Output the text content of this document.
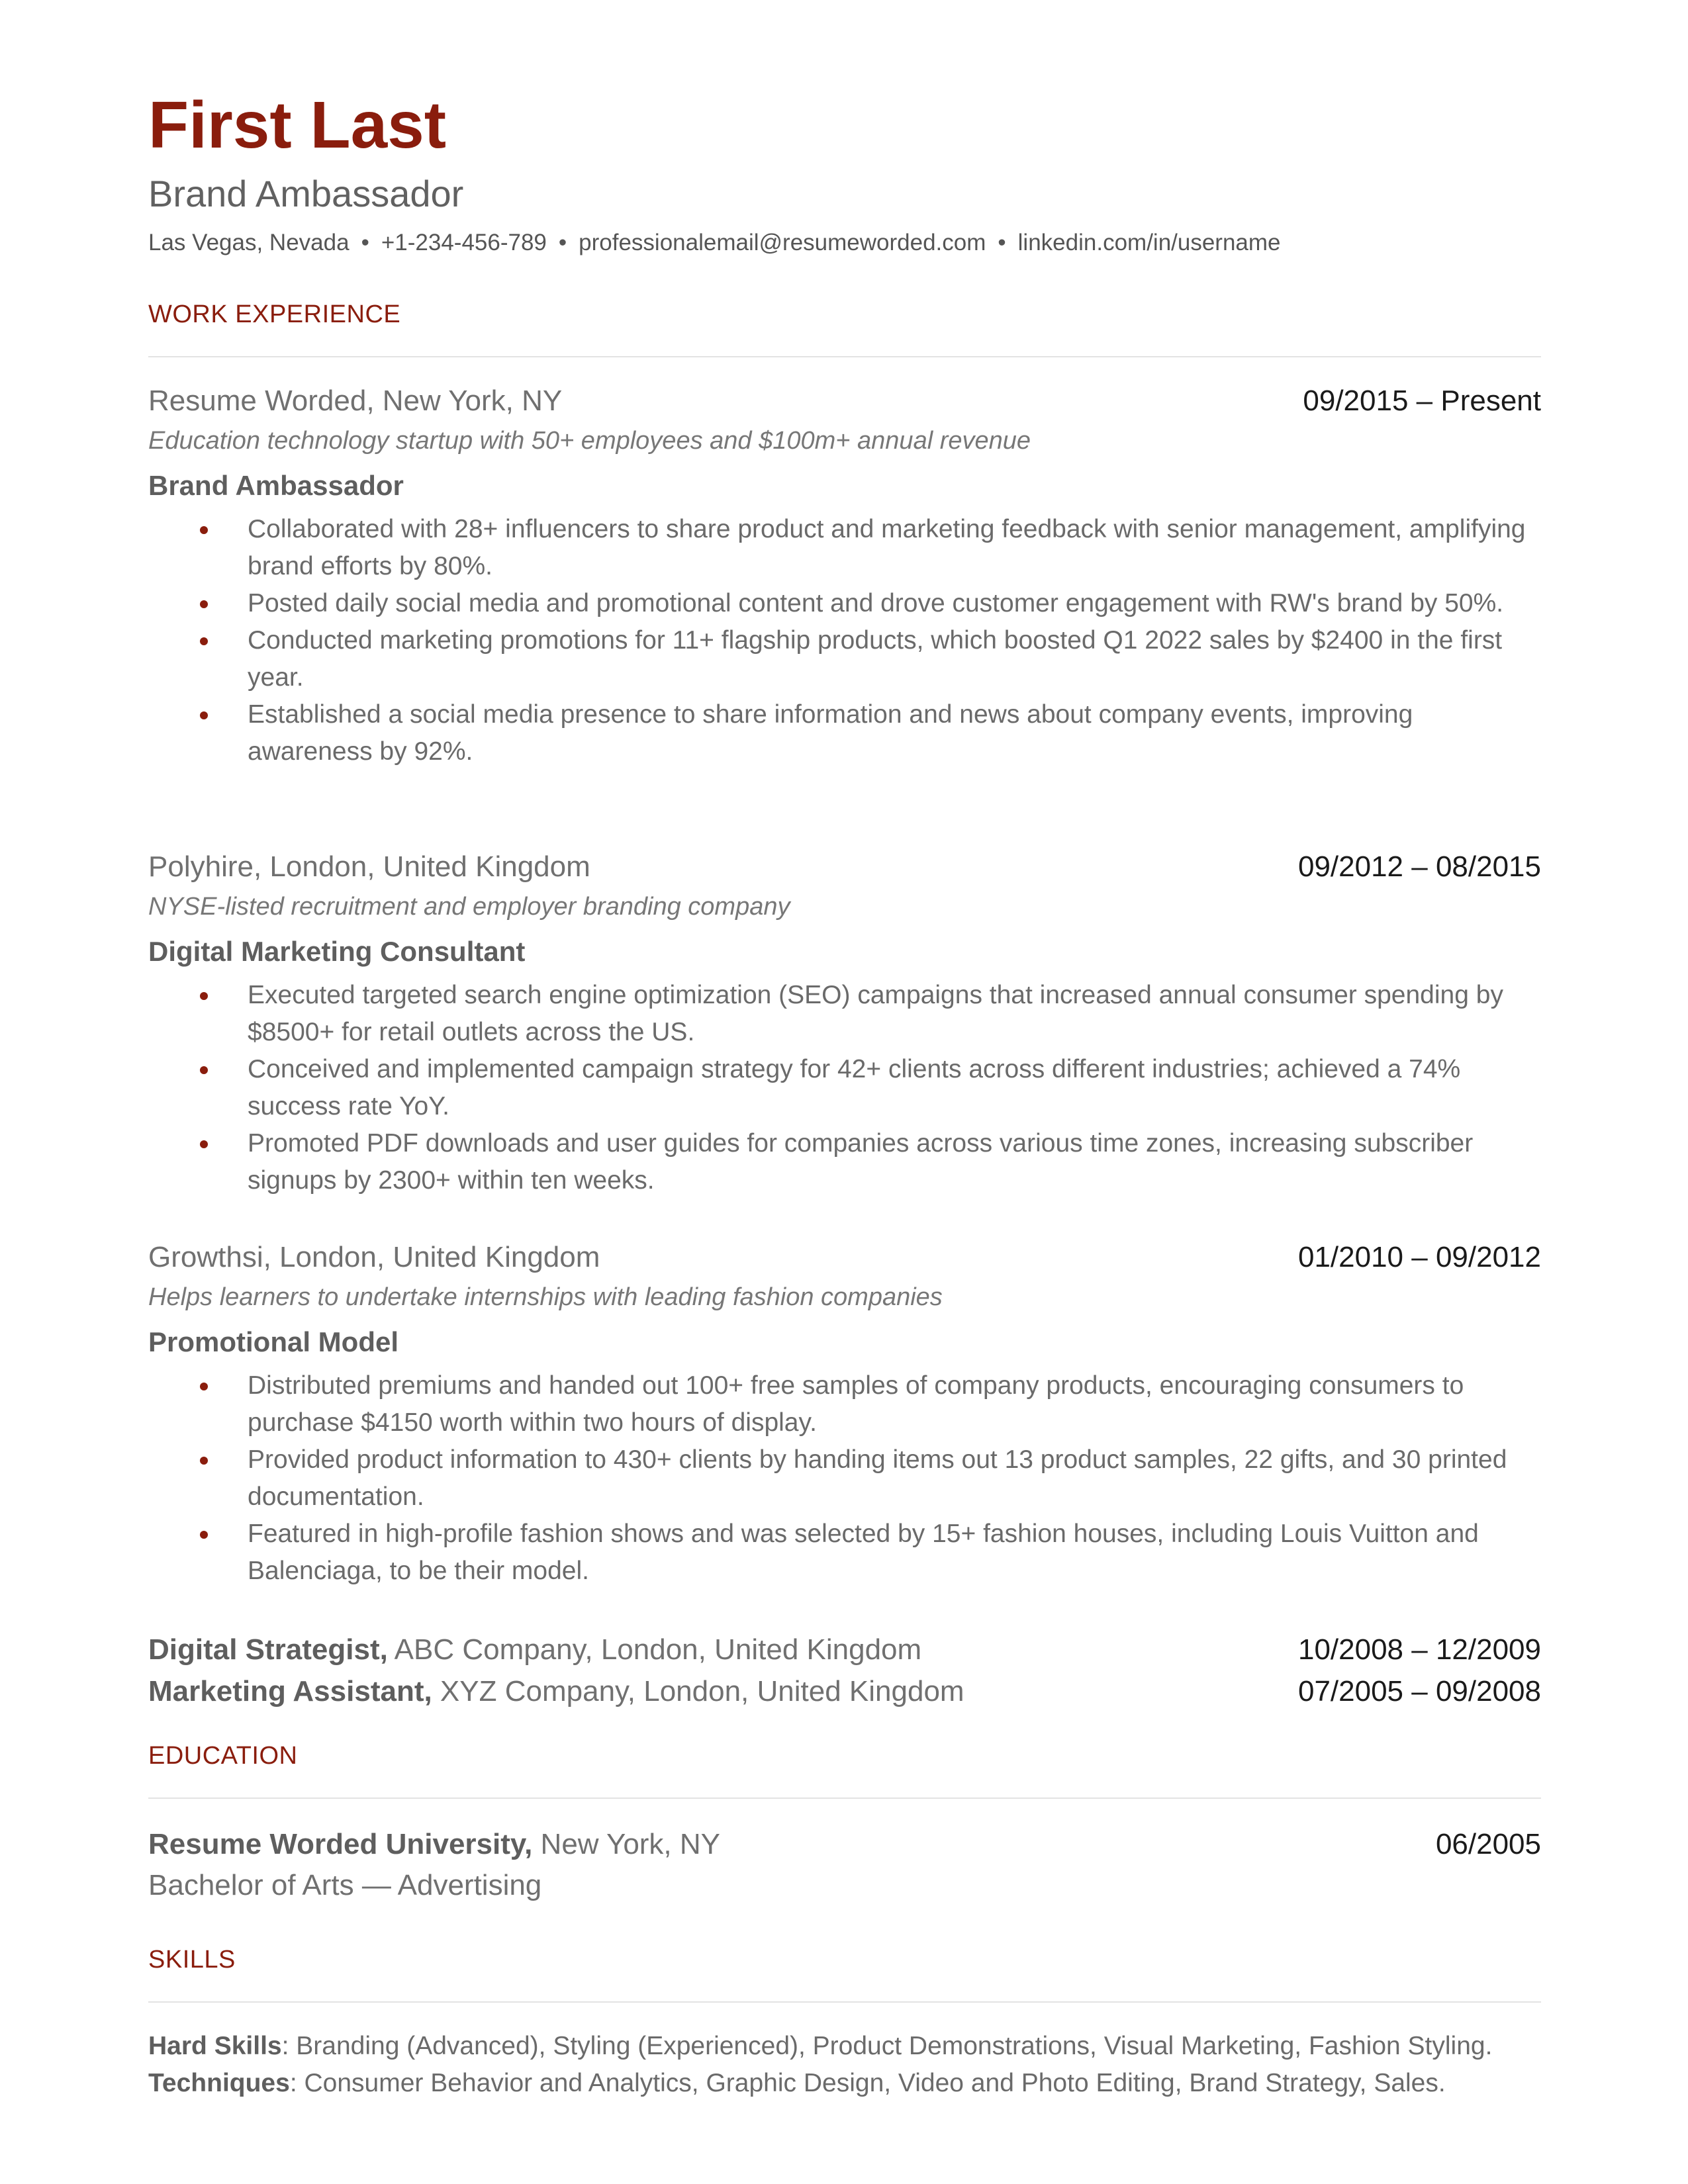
First Last
Brand Ambassador
Las Vegas, Nevada • +1-234-456-789 • professionalemail@resumeworded.com • linkedin.com/in/username
WORK EXPERIENCE
Resume Worded, New York, NY	09/2015 – Present
Education technology startup with 50+ employees and $100m+ annual revenue
Brand Ambassador
Collaborated with 28+ influencers to share product and marketing feedback with senior management, amplifying brand efforts by 80%.
Posted daily social media and promotional content and drove customer engagement with RW's brand by 50%.
Conducted marketing promotions for 11+ flagship products, which boosted Q1 2022 sales by $2400 in the first year.
Established a social media presence to share information and news about company events, improving awareness by 92%.
Polyhire, London, United Kingdom	09/2012 – 08/2015
NYSE-listed recruitment and employer branding company
Digital Marketing Consultant
Executed targeted search engine optimization (SEO) campaigns that increased annual consumer spending by $8500+ for retail outlets across the US.
Conceived and implemented campaign strategy for 42+ clients across different industries; achieved a 74% success rate YoY.
Promoted PDF downloads and user guides for companies across various time zones, increasing subscriber signups by 2300+ within ten weeks.
Growthsi, London, United Kingdom	01/2010 – 09/2012
Helps learners to undertake internships with leading fashion companies
Promotional Model
Distributed premiums and handed out 100+ free samples of company products, encouraging consumers to purchase $4150 worth within two hours of display.
Provided product information to 430+ clients by handing items out 13 product samples, 22 gifts, and 30 printed documentation.
Featured in high-profile fashion shows and was selected by 15+ fashion houses, including Louis Vuitton and Balenciaga, to be their model.
Digital Strategist, ABC Company, London, United Kingdom	10/2008 – 12/2009
Marketing Assistant, XYZ Company, London, United Kingdom	07/2005 – 09/2008
EDUCATION
Resume Worded University, New York, NY	06/2005
Bachelor of Arts — Advertising
SKILLS
Hard Skills: Branding (Advanced), Styling (Experienced), Product Demonstrations, Visual Marketing, Fashion Styling.
Techniques: Consumer Behavior and Analytics, Graphic Design, Video and Photo Editing, Brand Strategy, Sales.
